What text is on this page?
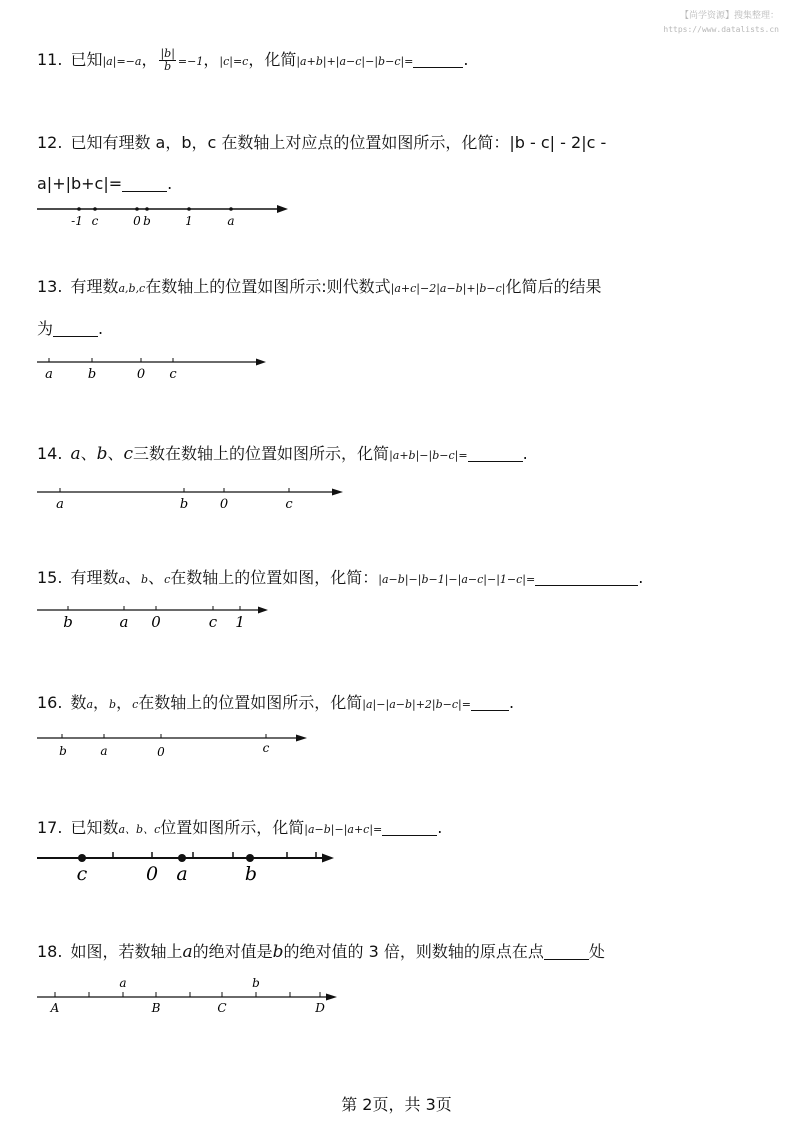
【尚学资源】搜集整理：
https://www.datalists.cn
11. 已知|a|=−a， $\frac{|b|}{b} =-1$，|c|=c，化简|a+b|+|a−c|−|b−c|=	.
12. 已知有理数 a，b，c 在数轴上对应点的位置如图所示，化简：|b - c| - 2|c -
a|+|b+c|=	.
-1 c	0 b	1	a
13. 有理数a,b,c在数轴上的位置如图所示:则代数式|a+c|−2|a−b|+|b−c|化简后的结果
为	.
a	b	0 c
14. a、b、c三数在数轴上的位置如图所示，化简|a+b|−|b−c|=	.
a	b 0	c
15. 有理数a、b、c在数轴上的位置如图，化简：|a−b|−|b−1|−|a−c|−|1−c|=	.
b	a 0	c 1
16. 数a，b，c在数轴上的位置如图所示，化简|a|−|a−b|+2|b−c|= .
b	a	0	c
17. 已知数a、b、c位置如图所示，化简|a−b|−|a+c|=	.
c	0 a	b
18. 如图，若数轴上a的绝对值是b的绝对值的 3 倍，则数轴的原点在点	处
a	b
A	B	C	D
第 2页，共 3页
